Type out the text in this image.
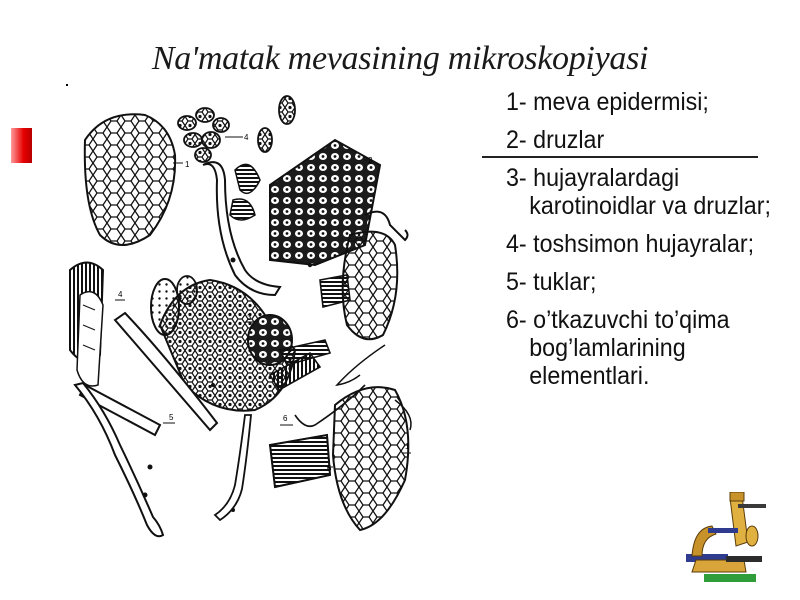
Na'matak mevasining mikroskopiyasi
1
4
2
4
3
5
6
6
1
1- meva epidermisi;
2- druzlar
3- hujayralardagi karotinoidlar va druzlar;
4- toshsimon hujayralar;
5- tuklar;
6- o’tkazuvchi to’qima bog’lamlarining elementlari.
